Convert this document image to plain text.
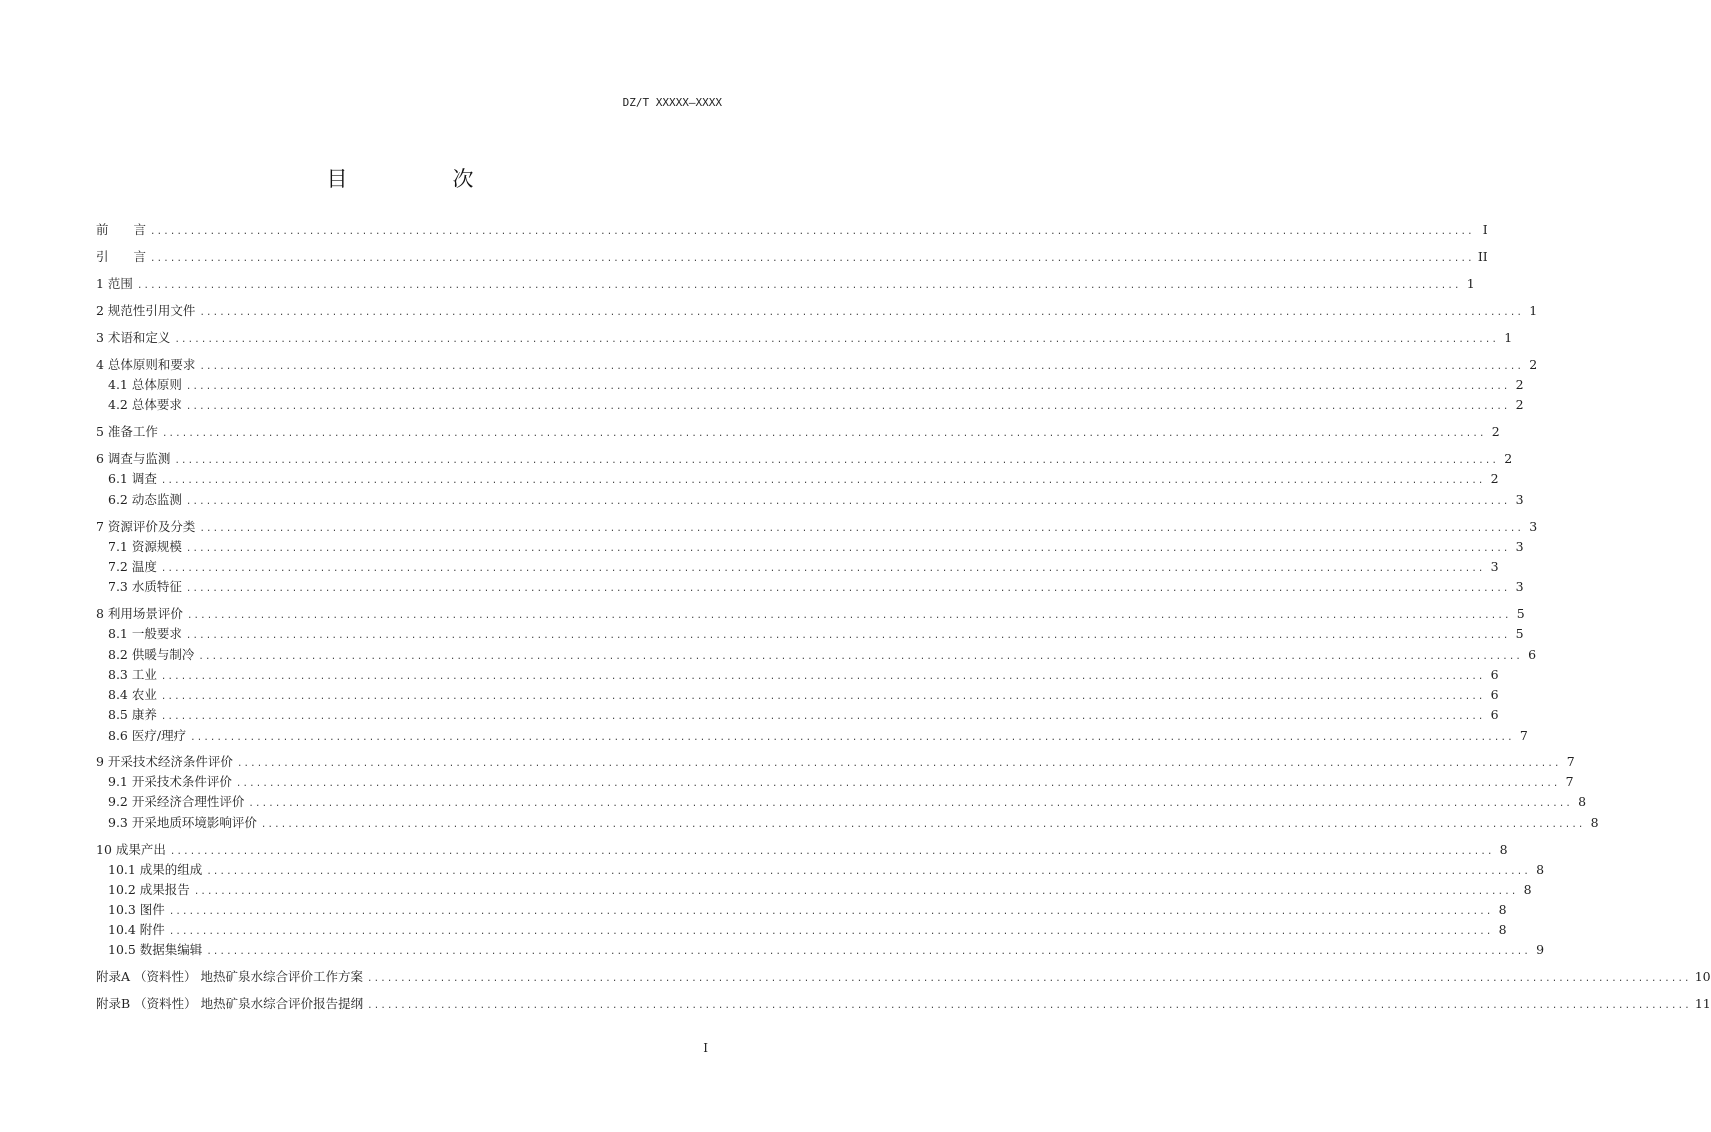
DZ/T XXXXX—XXXX
目　次
前　　言 ........................................................................................................................................................................................................ I
引　　言 ........................................................................................................................................................................................................ II
1 范围 ........................................................................................................................................................................................................ 1
2 规范性引用文件 ........................................................................................................................................................................................................ 1
3 术语和定义 ........................................................................................................................................................................................................ 1
4 总体原则和要求 ........................................................................................................................................................................................................ 2
4.1 总体原则 ........................................................................................................................................................................................................ 2
4.2 总体要求 ........................................................................................................................................................................................................ 2
5 准备工作 ........................................................................................................................................................................................................ 2
6 调查与监测 ........................................................................................................................................................................................................ 2
6.1 调查 ........................................................................................................................................................................................................ 2
6.2 动态监测 ........................................................................................................................................................................................................ 3
7 资源评价及分类 ........................................................................................................................................................................................................ 3
7.1 资源规模 ........................................................................................................................................................................................................ 3
7.2 温度 ........................................................................................................................................................................................................ 3
7.3 水质特征 ........................................................................................................................................................................................................ 3
8 利用场景评价 ........................................................................................................................................................................................................ 5
8.1 一般要求 ........................................................................................................................................................................................................ 5
8.2 供暖与制冷 ........................................................................................................................................................................................................ 6
8.3 工业 ........................................................................................................................................................................................................ 6
8.4 农业 ........................................................................................................................................................................................................ 6
8.5 康养 ........................................................................................................................................................................................................ 6
8.6 医疗/理疗 ........................................................................................................................................................................................................ 7
9 开采技术经济条件评价 ........................................................................................................................................................................................................ 7
9.1 开采技术条件评价 ........................................................................................................................................................................................................ 7
9.2 开采经济合理性评价 ........................................................................................................................................................................................................ 8
9.3 开采地质环境影响评价 ........................................................................................................................................................................................................ 8
10 成果产出 ........................................................................................................................................................................................................ 8
10.1 成果的组成 ........................................................................................................................................................................................................ 8
10.2 成果报告 ........................................................................................................................................................................................................ 8
10.3 图件 ........................................................................................................................................................................................................ 8
10.4 附件 ........................................................................................................................................................................................................ 8
10.5 数据集编辑 ........................................................................................................................................................................................................ 9
附录A （资料性） 地热矿泉水综合评价工作方案 ........................................................................................................................................................................................................ 10
附录B （资料性） 地热矿泉水综合评价报告提纲 ........................................................................................................................................................................................................ 11
I
